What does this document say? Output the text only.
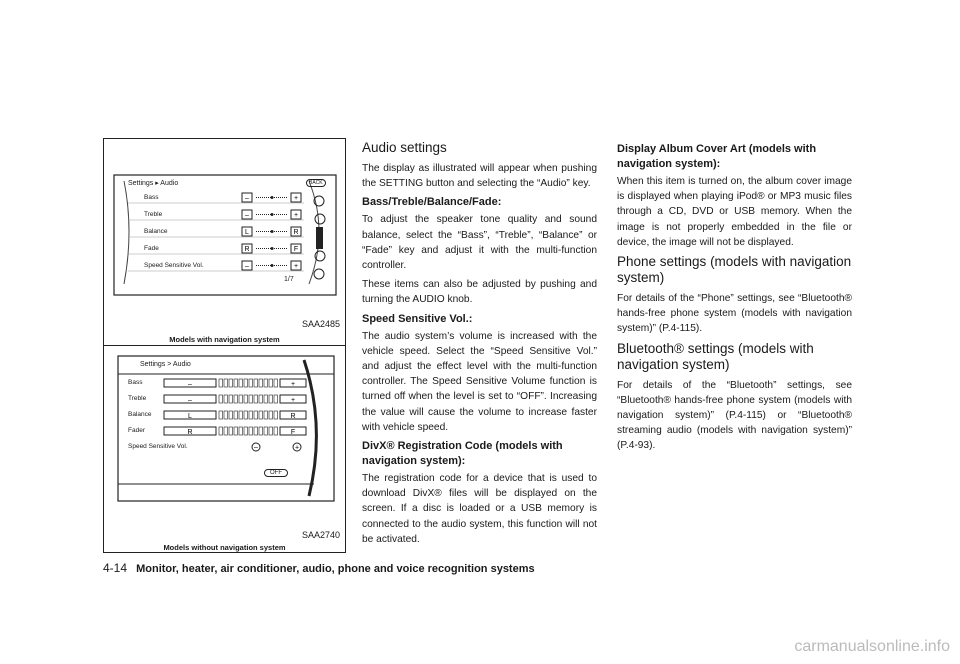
–	+
–	+
L	R
R	F
–	+
Settings ▸ Audio	BACK
Bass
Treble
Balance
Fade
Speed Sensitive Vol.
1/7
SAA2485
Models with navigation system
–	+
–	+
L	R
R	F
–	+
Settings > Audio
Bass
Treble
Balance
Fader
Speed Sensitive Vol.
OFF
SAA2740
Models without navigation system
Audio settings

The display as illustrated will appear when pushing the SETTING button and selecting the “Audio” key.

Bass/Treble/Balance/Fade:

To adjust the speaker tone quality and sound balance, select the “Bass”, “Treble”, “Balance” or “Fade” key and adjust it with the multi-function controller.

These items can also be adjusted by pushing and turning the AUDIO knob.

Speed Sensitive Vol.:

The audio system’s volume is increased with the vehicle speed. Select the “Speed Sensitive Vol.” and adjust the effect level with the multi-function controller. The Speed Sensitive Volume function is turned off when the level is set to “OFF”. Increasing the value will cause the volume to increase faster with vehicle speed.

DivX® Registration Code (models with navigation system):

The registration code for a device that is used to download DivX® files will be displayed on the screen. If a disc is loaded or a USB memory is connected to the audio system, this function will not be activated.

Display Album Cover Art (models with navigation system):

When this item is turned on, the album cover image is displayed when playing iPod® or MP3 music files through a CD, DVD or USB memory. When the image is not properly embedded in the file or device, the image will not be displayed.

Phone settings (models with navigation system)

For details of the “Phone” settings, see “Bluetooth® hands-free phone system (models with navigation system)” (P.4-115).

Bluetooth® settings (models with navigation system)

For details of the “Bluetooth” settings, see “Bluetooth® hands-free phone system (models with navigation system)” (P.4-115) or “Bluetooth® streaming audio (models with navigation system)” (P.4-93).

4-14 Monitor, heater, air conditioner, audio, phone and voice recognition systems
carmanualsonline.info
